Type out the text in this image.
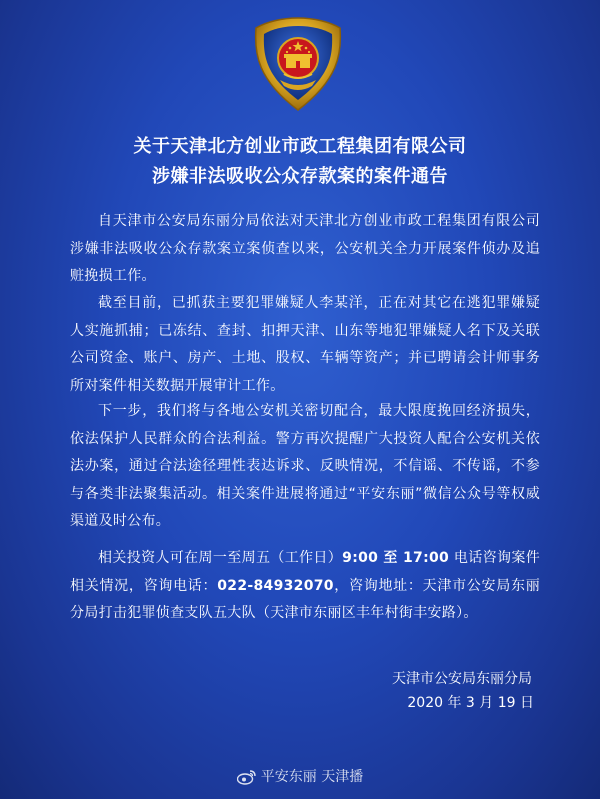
关于天津北方创业市政工程集团有限公司
涉嫌非法吸收公众存款案的案件通告

自天津市公安局东丽分局依法对天津北方创业市政工程集团有限公司涉嫌非法吸收公众存款案立案侦查以来，公安机关全力开展案件侦办及追赃挽损工作。

截至目前，已抓获主要犯罪嫌疑人李某洋，正在对其它在逃犯罪嫌疑人实施抓捕；已冻结、查封、扣押天津、山东等地犯罪嫌疑人名下及关联公司资金、账户、房产、土地、股权、车辆等资产；并已聘请会计师事务所对案件相关数据开展审计工作。

下一步，我们将与各地公安机关密切配合，最大限度挽回经济损失，依法保护人民群众的合法利益。警方再次提醒广大投资人配合公安机关依法办案，通过合法途径理性表达诉求、反映情况，不信谣、不传谣，不参与各类非法聚集活动。相关案件进展将通过“平安东丽”微信公众号等权威渠道及时公布。

相关投资人可在周一至周五（工作日）9:00 至 17:00 电话咨询案件相关情况，咨询电话：022-84932070，咨询地址：天津市公安局东丽分局打击犯罪侦查支队五大队（天津市东丽区丰年村街丰安路）。

天津市公安局东丽分局
2020 年 3 月 19 日
平安东丽 天津播
